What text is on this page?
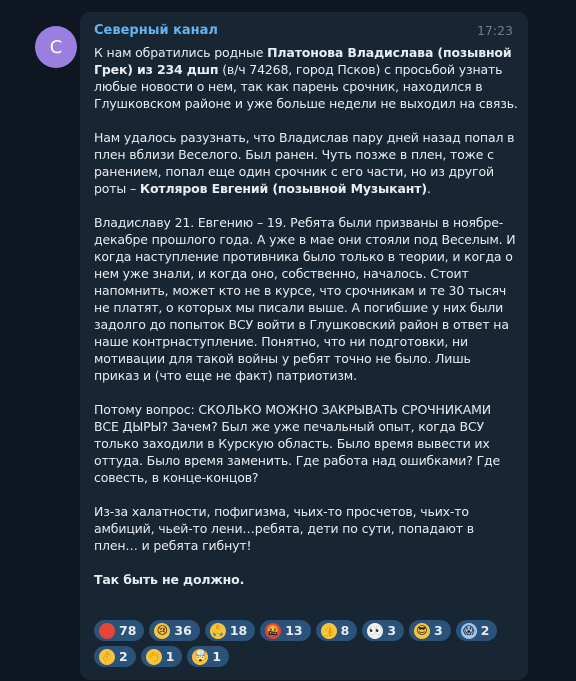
С
Северный канал	17:23

К нам обратились родные Платонова Владислава (позывной Грек) из 234 дшп (в/ч 74268, город Псков) с просьбой узнать любые новости о нем, так как парень срочник, находился в Глушковском районе и уже больше недели не выходил на связь.

Нам удалось разузнать, что Владислав пару дней назад попал в плен вблизи Веселого. Был ранен. Чуть позже в плен, тоже с ранением, попал еще один срочник с его части, но из другой роты – Котляров Евгений (позывной Музыкант).

Владиславу 21. Евгению – 19. Ребята были призваны в ноябре-декабре прошлого года. А уже в мае они стояли под Веселым. И когда наступление противника было только в теории, и когда о нем уже знали, и когда оно, собственно, началось. Стоит напомнить, может кто не в курсе, что срочникам и те 30 тысяч не платят, о которых мы писали выше. А погибшие у них были задолго до попыток ВСУ войти в Глушковский район в ответ на наше контрнаступление. Понятно, что ни подготовки, ни мотивации для такой войны у ребят точно не было. Лишь приказ и (что еще не факт) патриотизм.

Потому вопрос: СКОЛЬКО МОЖНО ЗАКРЫВАТЬ СРОЧНИКАМИ ВСЕ ДЫРЫ? Зачем? Был же уже печальный опыт, когда ВСУ только заходили в Курскую область. Было время вывести их оттуда. Было время заменить. Где работа над ошибками? Где совесть, в конце-концов?

Из-за халатности, пофигизма, чьих-то просчетов, чьих-то амбиций, чьей-то лени…ребята, дети по сути, попадают в плен… и ребята гибнут!

Так быть не должно.

💯 78 😢 36 🙏 18 🤬 13 👍 8 👀 3 😎 3 😱 2
👌 2 👏 1 🤯 1
